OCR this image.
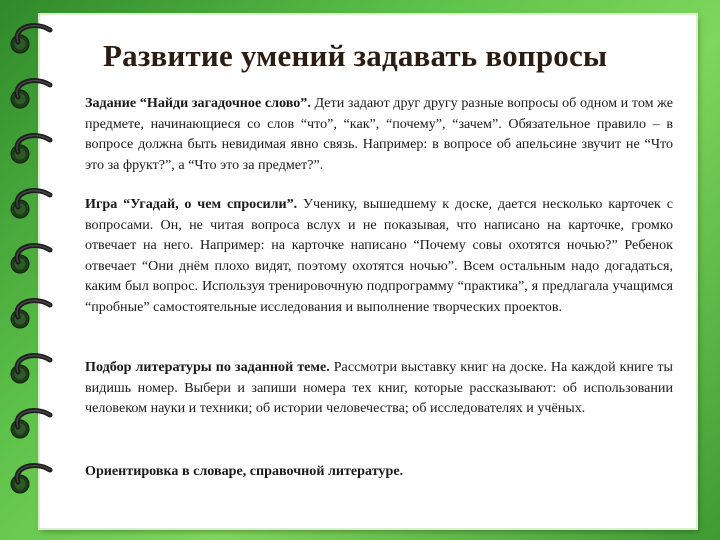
Развитие умений задавать вопросы

Задание “Найди загадочное слово”. Дети задают друг другу разные вопросы об одном и том же предмете, начинающиеся со слов “что”, “как”, “почему”, “зачем”. Обязательное правило – в вопросе должна быть невидимая явно связь. Например: в вопросе об апельсине звучит не “Что это за фрукт?”, а “Что это за предмет?”.

Игра “Угадай, о чем спросили”. Ученику, вышедшему к доске, дается несколько карточек с вопросами. Он, не читая вопроса вслух и не показывая, что написано на карточке, громко отвечает на него. Например: на карточке написано “Почему совы охотятся ночью?” Ребенок отвечает “Они днём плохо видят, поэтому охотятся ночью”. Всем остальным надо догадаться, каким был вопрос. Используя тренировочную подпрограмму “практика”, я предлагала учащимся “пробные” самостоятельные исследования и выполнение творческих проектов.

Подбор литературы по заданной теме. Рассмотри выставку книг на доске. На каждой книге ты видишь номер. Выбери и запиши номера тех книг, которые рассказывают: об использовании человеком науки и техники; об истории человечества; об исследователях и учёных.

Ориентировка в словаре, справочной литературе.
